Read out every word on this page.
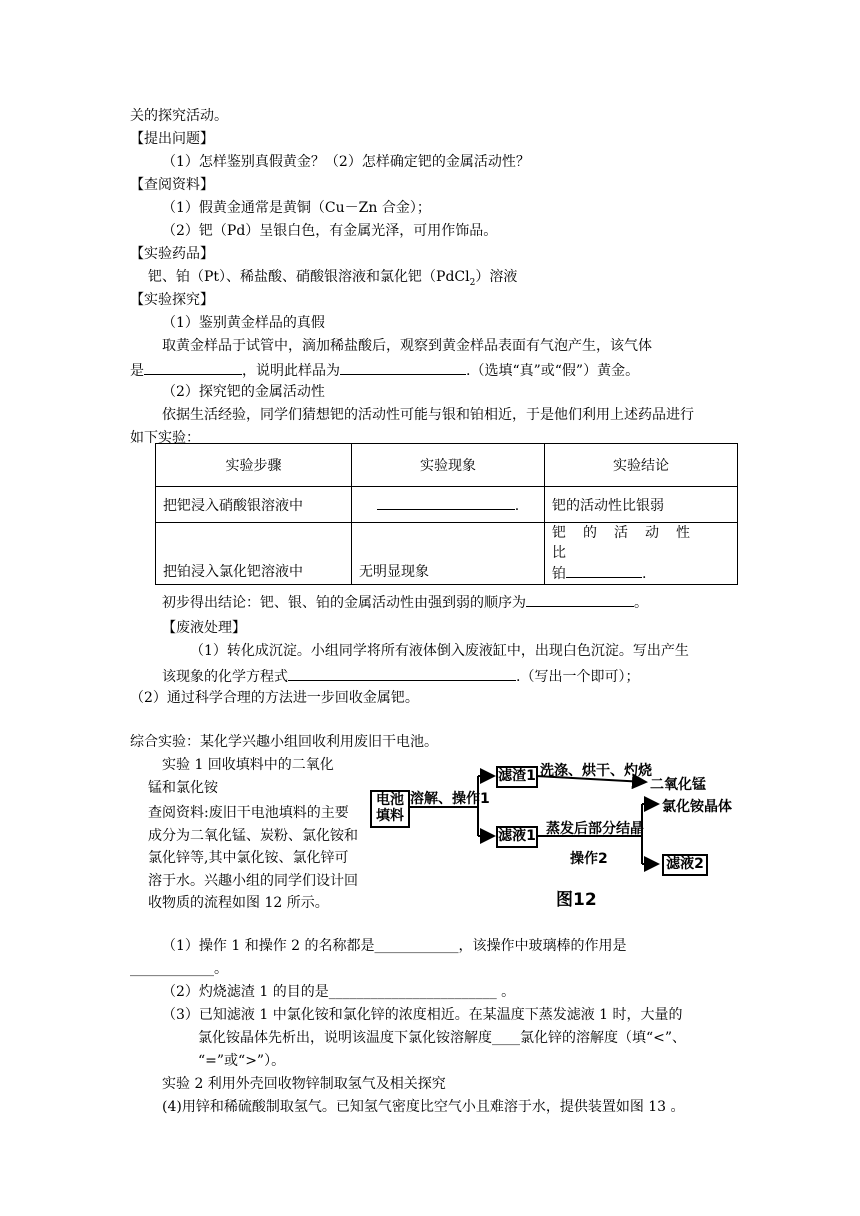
关的探究活动。
【提出问题】
（1）怎样鉴别真假黄金？（2）怎样确定钯的金属活动性？
【查阅资料】
（1）假黄金通常是黄铜（Cu－Zn 合金）；
（2）钯（Pd）呈银白色，有金属光泽，可用作饰品。
【实验药品】
钯、铂（Pt）、稀盐酸、硝酸银溶液和氯化钯（PdCl$_2$）溶液
【实验探究】
（1）鉴别黄金样品的真假
取黄金样品于试管中，滴加稀盐酸后，观察到黄金样品表面有气泡产生，该气体
是	，说明此样品为	.（选填“真”或“假”）黄金。
（2）探究钯的金属活动性
依据生活经验，同学们猜想钯的活动性可能与银和铂相近，于是他们利用上述药品进行
如下实验：
实验步骤	实验现象	实验结论
把钯浸入硝酸银溶液中	.	钯的活动性比银弱
把铂浸入氯化钯溶液中	无明显现象	钯的活动性比
铂 .
初步得出结论：钯、银、铂的金属活动性由强到弱的顺序为	。
【废液处理】
（1）转化成沉淀。小组同学将所有液体倒入废液缸中，出现白色沉淀。写出产生
该现象的化学方程式	.（写出一个即可）；
（2）通过科学合理的方法进一步回收金属钯。
综合实验：某化学兴趣小组回收利用废旧干电池。
实验 1 回收填料中的二氧化
锰和氯化铵
查阅资料:废旧干电池填料的主要成分为二氧化锰、炭粉、氯化铵和氯化锌等,其中氯化铵、氯化锌可溶于水。兴趣小组的同学们设计回收物质的流程如图 12 所示。
电池
填料
溶解、操作1
滤渣1 洗涤、烘干、灼烧
二氧化锰
滤液1 蒸发后部分结晶
操作2
氯化铵晶体
滤液2
图12
（1）操作 1 和操作 2 的名称都是____________，该操作中玻璃棒的作用是
____________。
（2）灼烧滤渣 1 的目的是________________________ 。
（3）已知滤液 1 中氯化铵和氯化锌的浓度相近。在某温度下蒸发滤液 1 时，大量的
氯化铵晶体先析出，说明该温度下氯化铵溶解度____氯化锌的溶解度（填“<”、
“=”或“>”）。
实验 2 利用外壳回收物锌制取氢气及相关探究
(4)用锌和稀硫酸制取氢气。已知氢气密度比空气小且难溶于水，提供装置如图 13 。
